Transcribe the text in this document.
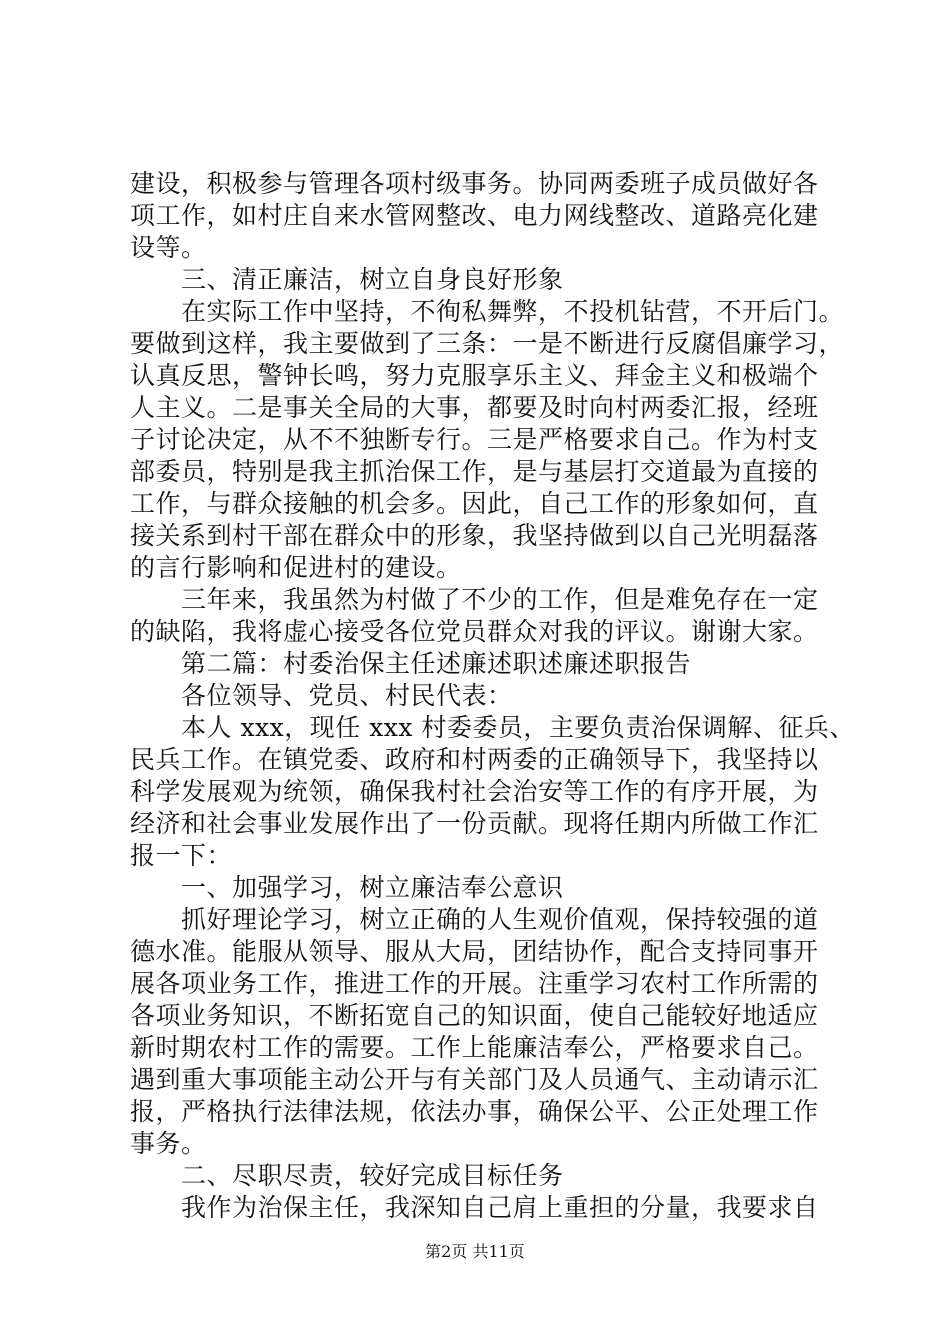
建设，积极参与管理各项村级事务。协同两委班子成员做好各
项工作，如村庄自来水管网整改、电力网线整改、道路亮化建
设等。
　　三、清正廉洁，树立自身良好形象
　　在实际工作中坚持，不徇私舞弊，不投机钻营，不开后门。
要做到这样，我主要做到了三条：一是不断进行反腐倡廉学习，
认真反思，警钟长鸣，努力克服享乐主义、拜金主义和极端个
人主义。二是事关全局的大事，都要及时向村两委汇报，经班
子讨论决定，从不不独断专行。三是严格要求自己。作为村支
部委员，特别是我主抓治保工作，是与基层打交道最为直接的
工作，与群众接触的机会多。因此，自己工作的形象如何，直
接关系到村干部在群众中的形象，我坚持做到以自己光明磊落
的言行影响和促进村的建设。
　　三年来，我虽然为村做了不少的工作，但是难免存在一定
的缺陷，我将虚心接受各位党员群众对我的评议。谢谢大家。
　　第二篇：村委治保主任述廉述职述廉述职报告
　　各位领导、党员、村民代表：
　　本人 xxx，现任 xxx 村委委员，主要负责治保调解、征兵、
民兵工作。在镇党委、政府和村两委的正确领导下，我坚持以
科学发展观为统领，确保我村社会治安等工作的有序开展，为
经济和社会事业发展作出了一份贡献。现将任期内所做工作汇
报一下：
　　一、加强学习，树立廉洁奉公意识
　　抓好理论学习，树立正确的人生观价值观，保持较强的道
德水准。能服从领导、服从大局，团结协作，配合支持同事开
展各项业务工作，推进工作的开展。注重学习农村工作所需的
各项业务知识，不断拓宽自己的知识面，使自己能较好地适应
新时期农村工作的需要。工作上能廉洁奉公，严格要求自己。
遇到重大事项能主动公开与有关部门及人员通气、主动请示汇
报，严格执行法律法规，依法办事，确保公平、公正处理工作
事务。
　　二、尽职尽责，较好完成目标任务
　　我作为治保主任，我深知自己肩上重担的分量，我要求自
第2页 共11页
